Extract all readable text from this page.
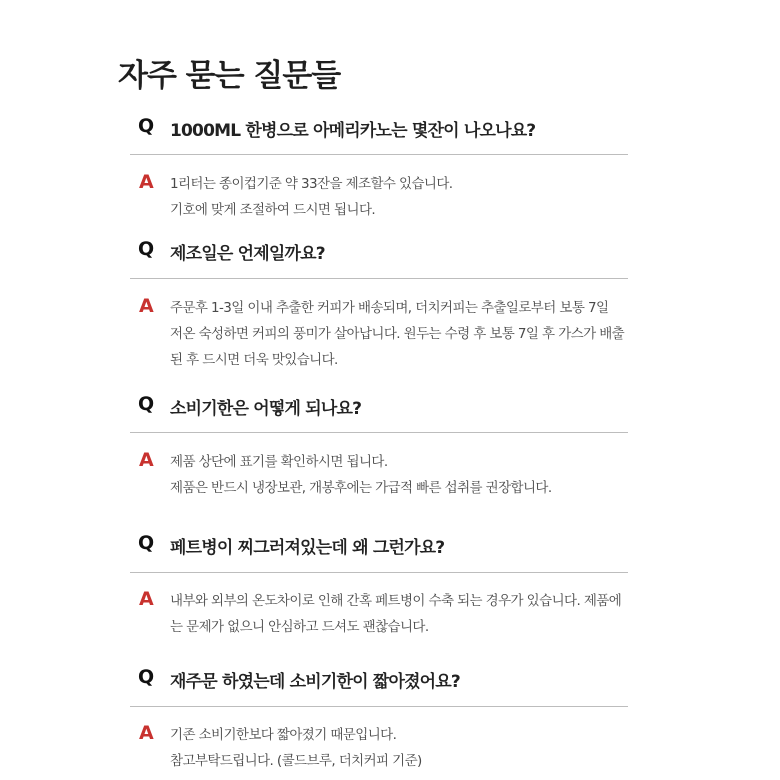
자주 묻는 질문들
Q 1000ML 한병으로 아메리카노는 몇잔이 나오나요?
A 1리터는 종이컵기준 약 33잔을 제조할수 있습니다.
기호에 맞게 조절하여 드시면 됩니다.
Q 제조일은 언제일까요?
A 주문후 1-3일 이내 추출한 커피가 배송되며, 더치커피는 추출일로부터 보통 7일
저온 숙성하면 커피의 풍미가 살아납니다. 원두는 수령 후 보통 7일 후 가스가 배출
된 후 드시면 더욱 맛있습니다.
Q 소비기한은 어떻게 되나요?
A 제품 상단에 표기를 확인하시면 됩니다.
제품은 반드시 냉장보관, 개봉후에는 가급적 빠른 섭취를 권장합니다.
Q 페트병이 찌그러져있는데 왜 그런가요?
A 내부와 외부의 온도차이로 인해 간혹 페트병이 수축 되는 경우가 있습니다. 제품에
는 문제가 없으니 안심하고 드셔도 괜찮습니다.
Q 재주문 하였는데 소비기한이 짧아졌어요?
A 기존 소비기한보다 짧아졌기 때문입니다.
참고부탁드립니다. (콜드브루, 더치커피 기준)
